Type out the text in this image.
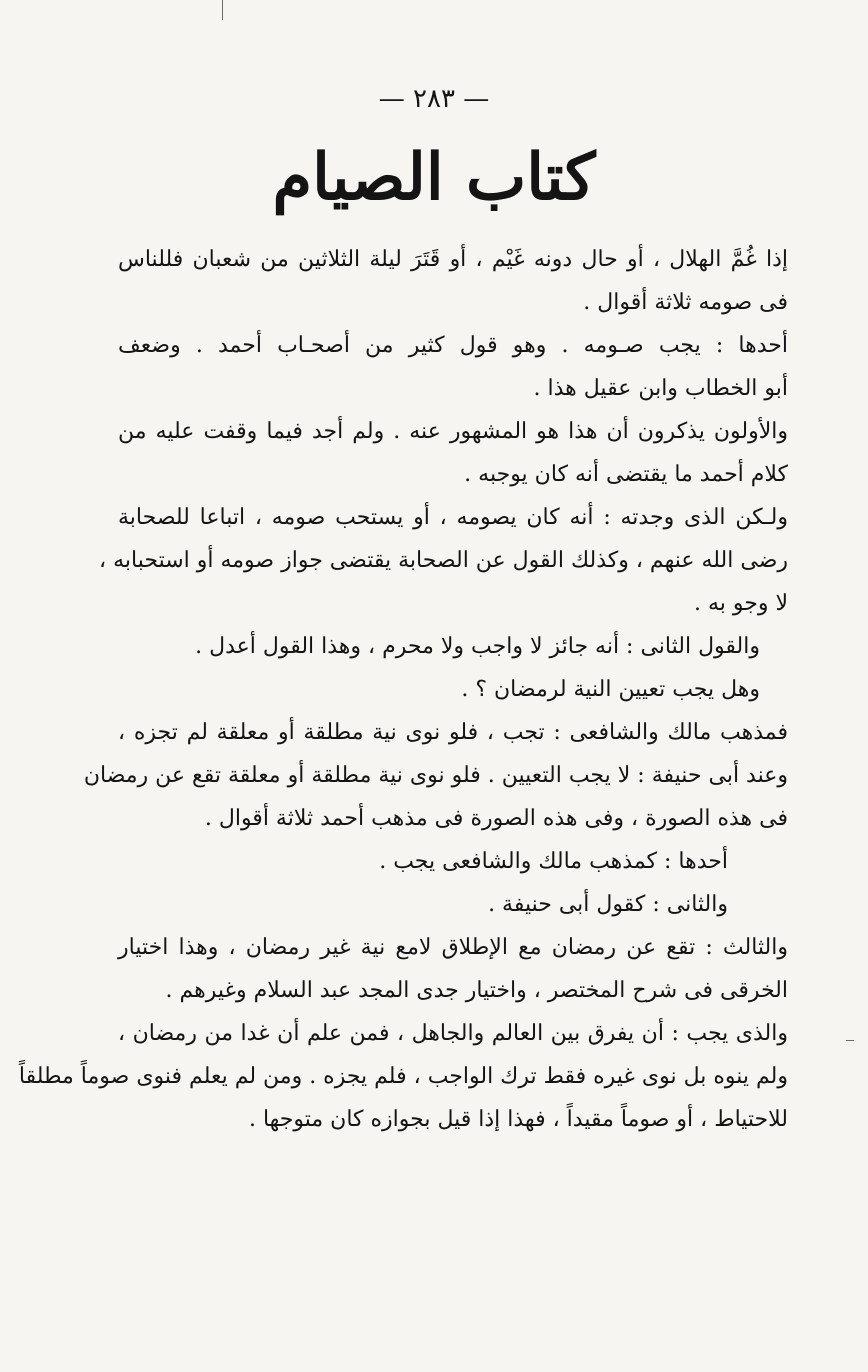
— ٢٨٣ —
كتاب الصيام
إذا غُمَّ الهلال ، أو حال دونه غَيْم ، أو قَتَرَ ليلة الثلاثين من شعبان فللناس
فى صومه ثلاثة أقوال .
أحدها : يجب صـومه . وهو قول كثير من أصحـاب أحمد . وضعف
أبو الخطاب وابن عقيل هذا .
والأولون يذكرون أن هذا هو المشهور عنه . ولم أجد فيما وقفت عليه من
كلام أحمد ما يقتضى أنه كان يوجبه .
ولـكن الذى وجدته : أنه كان يصومه ، أو يستحب صومه ، اتباعا للصحابة
رضى الله عنهم ، وكذلك القول عن الصحابة يقتضى جواز صومه أو استحبابه ،
لا وجو به .
والقول الثانى : أنه جائز لا واجب ولا محرم ، وهذا القول أعدل .
وهل يجب تعيين النية لرمضان ؟ .
فمذهب مالك والشافعى : تجب ، فلو نوى نية مطلقة أو معلقة لم تجزه ،
وعند أبى حنيفة : لا يجب التعيين . فلو نوى نية مطلقة أو معلقة تقع عن رمضان
فى هذه الصورة ، وفى هذه الصورة فى مذهب أحمد ثلاثة أقوال .
أحدها : كمذهب مالك والشافعى يجب .
والثانى : كقول أبى حنيفة .
والثالث : تقع عن رمضان مع الإطلاق لامع نية غير رمضان ، وهذا اختيار
الخرقى فى شرح المختصر ، واختيار جدى المجد عبد السلام وغيرهم .
والذى يجب : أن يفرق بين العالم والجاهل ، فمن علم أن غدا من رمضان ،
ولم ينوه بل نوى غيره فقط ترك الواجب ، فلم يجزه . ومن لم يعلم فنوى صوماً مطلقاً
للاحتياط ، أو صوماً مقيداً ، فهذا إذا قيل بجوازه كان متوجها .
